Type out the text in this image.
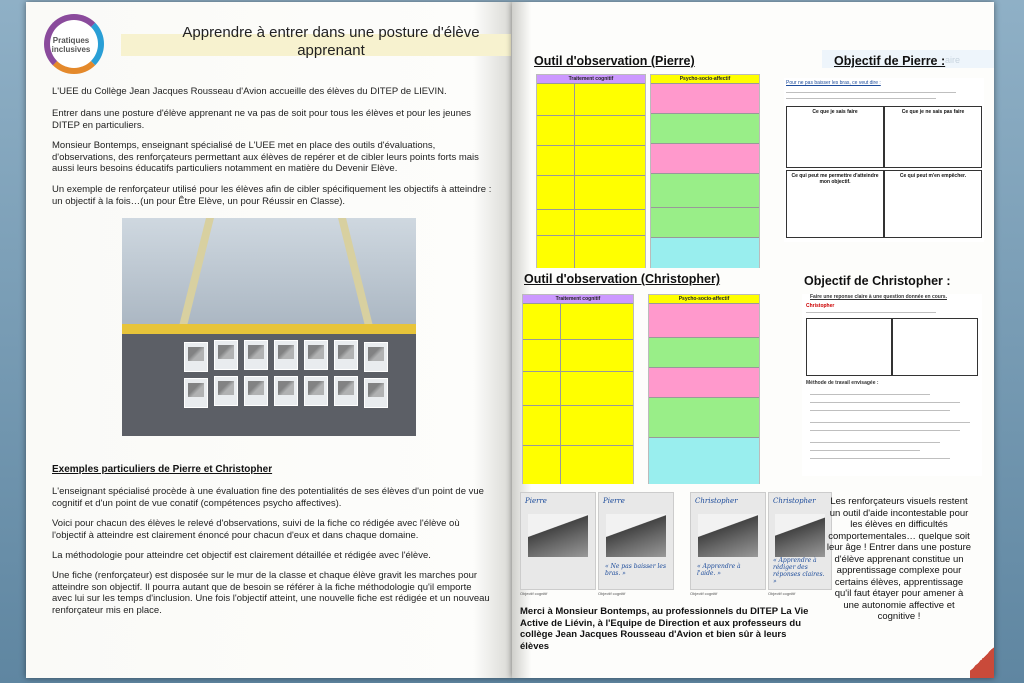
Pratiques
inclusives
Apprendre à entrer dans une posture d'élève apprenant

L'UEE du Collège Jean Jacques Rousseau d'Avion accueille des élèves du DITEP de LIEVIN.

Entrer dans une posture d'élève apprenant ne va pas de soit pour tous les élèves et pour les jeunes DITEP en particuliers.

Monsieur Bontemps, enseignant spécialisé de L'UEE met en place des outils d'évaluations, d'observations, des renforçateurs permettant aux élèves de repérer et de cibler leurs points forts mais aussi leurs besoins éducatifs particuliers notamment en matière du Devenir Elève.

Un exemple de renforçateur utilisé pour les élèves afin de cibler spécifiquement les objectifs à atteindre : un objectif à la fois…(un pour Être Elève, un pour Réussir en Classe).

Exemples particuliers de Pierre et Christopher

L'enseignant spécialisé procède à une évaluation fine des potentialités de ses élèves d'un point de vue cognitif et d'un point de vue conatif (compétences psycho affectives).

Voici pour chacun des élèves le relevé d'observations, suivi de la fiche co rédigée avec l'élève où l'objectif à atteindre est clairement énoncé pour chacun d'eux et dans chaque domaine.

La méthodologie pour atteindre cet objectif est clairement détaillée et rédigée avec l'élève.

Une fiche (renforçateur) est disposée sur le mur de la classe et chaque élève gravit les marches pour atteindre son objectif. Il pourra autant que de besoin se référer à la fiche méthodologie qu'il emporte avec lui sur les temps d'inclusion. Une fois l'objectif atteint, une nouvelle fiche est rédigée et un nouveau renforçateur mis en place.

Outil d'observation (Pierre)	Objectif de Pierre :
Traitement cognitif	Psycho-socio-affectif
Pour ne pas baisser les bras, ce veut dire :
Ce que je sais faire	Ce que je ne sais pas faire
Ce qui peut me permettre d'atteindre mon objectif.
Ce qui peut m'en empêcher.
Outil d'observation (Christopher)	Objectif de Christopher :
Traitement cognitif	Psycho-socio-affectif	Faire une reponse claire à une question donnée en cours.
Christopher
Méthode de travail envisagée :
Pierre	Pierre
« Ne pas baisser les bras. »
Christopher
« Apprendre à l'aide. »
Christopher
« Apprendre à rédiger des réponses claires. »
Objectif cognitif	Objectif cognitif	Objectif cognitif	Objectif cognitif
aire

Merci à Monsieur Bontemps, au professionnels du DITEP La Vie Active de Liévin, à l'Equipe de Direction et aux professeurs du collège Jean Jacques Rousseau d'Avion et bien sûr à leurs élèves

Les renforçateurs visuels restent un outil d'aide incontestable pour les élèves en difficultés comportementales… quelque soit leur âge ! Entrer dans une posture d'élève apprenant constitue un apprentissage complexe pour certains élèves, apprentissage qu'il faut étayer pour amener à une autonomie affective et cognitive !
